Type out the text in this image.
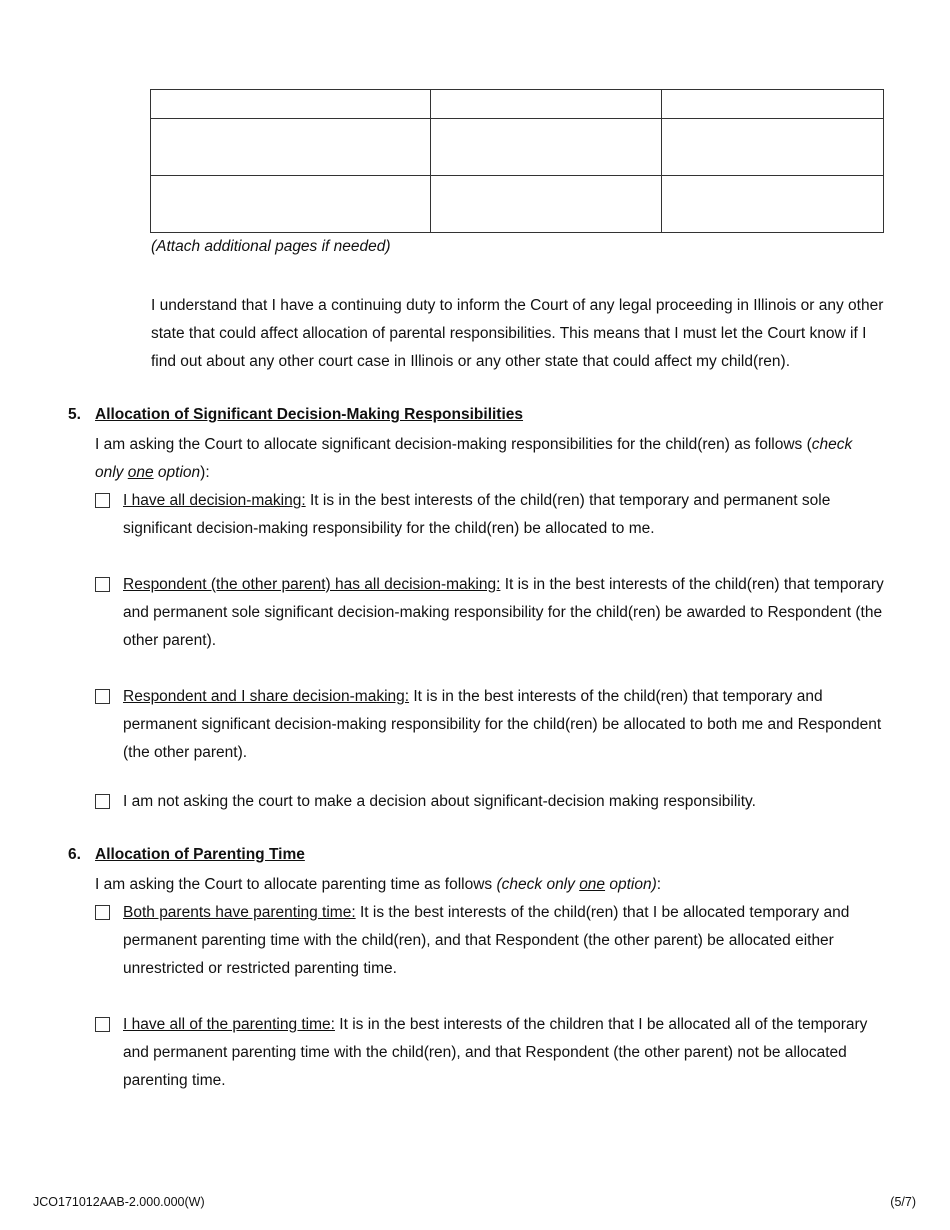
(Attach additional pages if needed)
I understand that I have a continuing duty to inform the Court of any legal proceeding in Illinois or any other state that could affect allocation of parental responsibilities. This means that I must let the Court know if I find out about any other court case in Illinois or any other state that could affect my child(ren).
5. Allocation of Significant Decision-Making Responsibilities
I am asking the Court to allocate significant decision-making responsibilities for the child(ren) as follows (check only one option):
I have all decision-making: It is in the best interests of the child(ren) that temporary and permanent sole significant decision-making responsibility for the child(ren) be allocated to me.
Respondent (the other parent) has all decision-making: It is in the best interests of the child(ren) that temporary and permanent sole significant decision-making responsibility for the child(ren) be awarded to Respondent (the other parent).
Respondent and I share decision-making: It is in the best interests of the child(ren) that temporary and permanent significant decision-making responsibility for the child(ren) be allocated to both me and Respondent (the other parent).
I am not asking the court to make a decision about significant-decision making responsibility.
6. Allocation of Parenting Time
I am asking the Court to allocate parenting time as follows (check only one option):
Both parents have parenting time: It is the best interests of the child(ren) that I be allocated temporary and permanent parenting time with the child(ren), and that Respondent (the other parent) be allocated either unrestricted or restricted parenting time.
I have all of the parenting time: It is in the best interests of the children that I be allocated all of the temporary and permanent parenting time with the child(ren), and that Respondent (the other parent) not be allocated parenting time.
JCO171012AAB-2.000.000(W)	(5/7)
